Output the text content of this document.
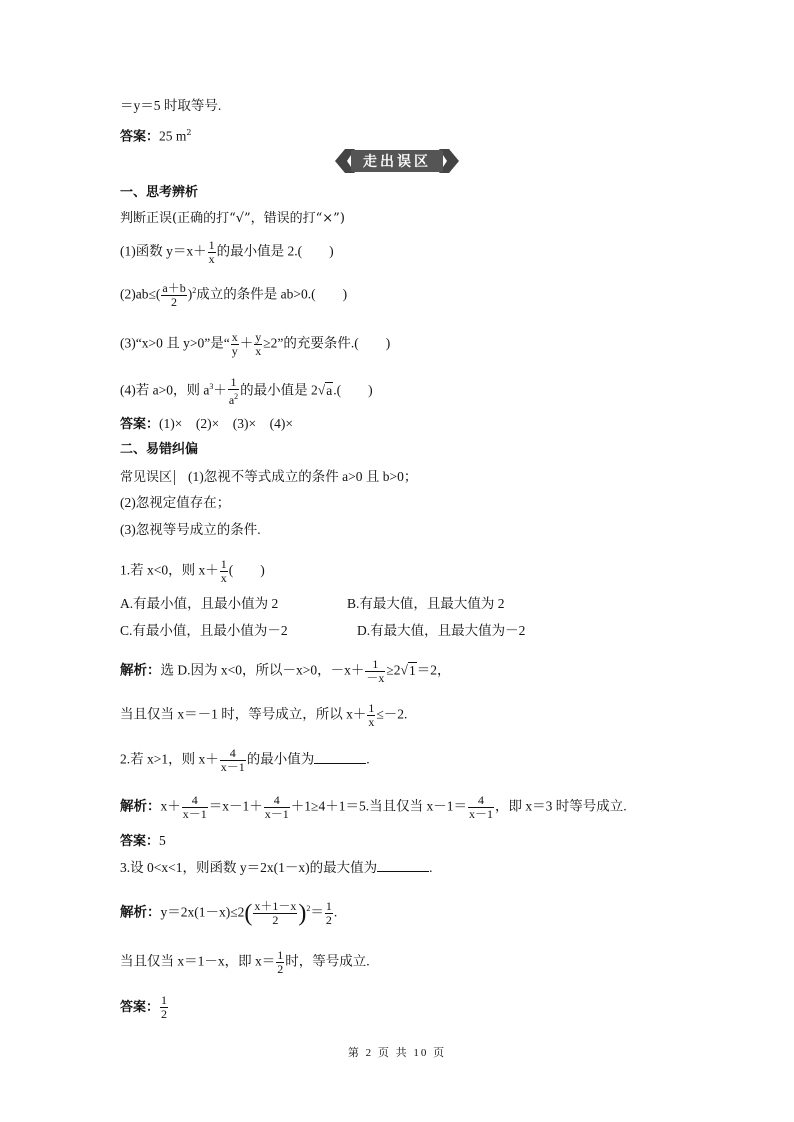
＝y＝5 时取等号.
答案：25 $m^2$
走出误区
一、思考辨析
判断正误(正确的打“√”，错误的打“×”)
(1)函数 $y=x+ \frac{1}{x}$ 的最小值是 2.(　　)
$(2)ab\le( \frac{a+b}{2} )^2$成立的条件是 ab>0.(　　)
(3)“x>0 且 y>0”是“ $\frac{x}{y} + \frac{y}{x} \ge 2$”的充要条件.(　　)
(4)若 a>0，则 $a^3+ \frac{1}{a^2}$ 的最小值是 2√a.(　　)
答案：(1)×　(2)×　(3)×　(4)×
二、易错纠偏
常见误区　 (1)忽视不等式成立的条件 a>0 且 b>0；
(2)忽视定值存在；
(3)忽视等号成立的条件.
1.若 x<0，则 $x+ \frac{1}{x}$ (　　)
A.有最小值，且最小值为 2	B.有最大值，且最大值为 2
C.有最小值，且最小值为－2	D.有最大值，且最大值为－2
解析：选 D.因为 x<0，所以－x>0，$-x+ \frac{1}{-x} \ge 2√1=2$，
当且仅当 x＝－1 时，等号成立，所以 $x+ \frac{1}{x} \le-2$.
2.若 x>1，则 $x+ \frac{4}{x-1}$ 的最小值为	.
解析：$x+ \frac{4}{x-1} =x-1+ \frac{4}{x-1} +1\ge 4+1=5$.当且仅当 $x-1= \frac{4}{x-1}$ ，即 x＝3 时等号成立.
答案：5
3.设 0<x<1，则函数 y＝2x(1－x)的最大值为	.
解析：$y=2x(1-x)\le 2( \frac{x+1-x}{2} )^2= \frac{1}{2}$ .
当且仅当 x＝1－x，即 $x= \frac{1}{2}$ 时，等号成立.
答案： $\frac{1}{2}$
第 2 页 共 10 页
